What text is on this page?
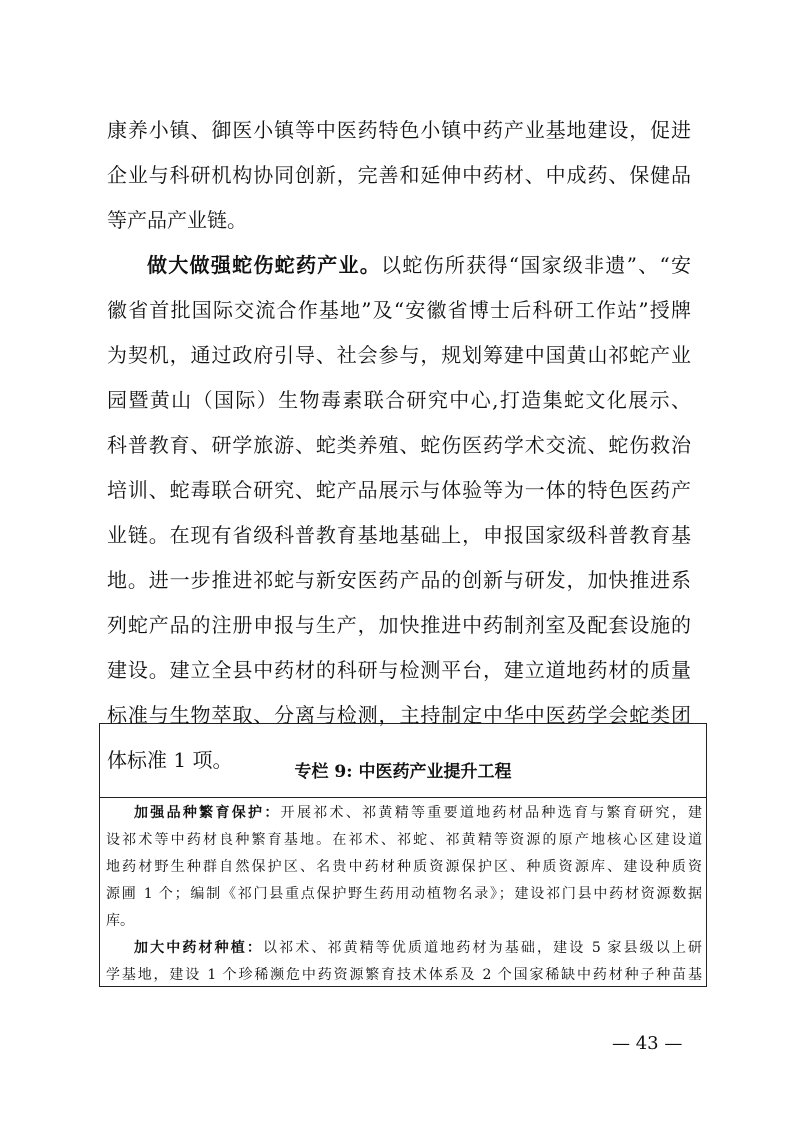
康养小镇、御医小镇等中医药特色小镇中药产业基地建设，促进
企业与科研机构协同创新，完善和延伸中药材、中成药、保健品
等产品产业链。
做大做强蛇伤蛇药产业。以蛇伤所获得“国家级非遗”、“安
徽省首批国际交流合作基地”及“安徽省博士后科研工作站”授牌
为契机，通过政府引导、社会参与，规划筹建中国黄山祁蛇产业
园暨黄山（国际）生物毒素联合研究中心,打造集蛇文化展示、
科普教育、研学旅游、蛇类养殖、蛇伤医药学术交流、蛇伤救治
培训、蛇毒联合研究、蛇产品展示与体验等为一体的特色医药产
业链。在现有省级科普教育基地基础上，申报国家级科普教育基
地。进一步推进祁蛇与新安医药产品的创新与研发，加快推进系
列蛇产品的注册申报与生产，加快推进中药制剂室及配套设施的
建设。建立全县中药材的科研与检测平台，建立道地药材的质量
标准与生物萃取、分离与检测，主持制定中华中医药学会蛇类团
体标准 1 项。	专栏 9: 中医药产业提升工程
加强品种繁育保护：开展祁术、祁黄精等重要道地药材品种选育与繁育研究，建
设祁术等中药材良种繁育基地。在祁术、祁蛇、祁黄精等资源的原产地核心区建设道
地药材野生种群自然保护区、名贵中药材种质资源保护区、种质资源库、建设种质资
源圃 1 个；编制《祁门县重点保护野生药用动植物名录》；建设祁门县中药材资源数据
库。
加大中药材种植：以祁术、祁黄精等优质道地药材为基础，建设 5 家县级以上研
学基地，建设 1 个珍稀濒危中药资源繁育技术体系及 2 个国家稀缺中药材种子种苗基
— 43 —
